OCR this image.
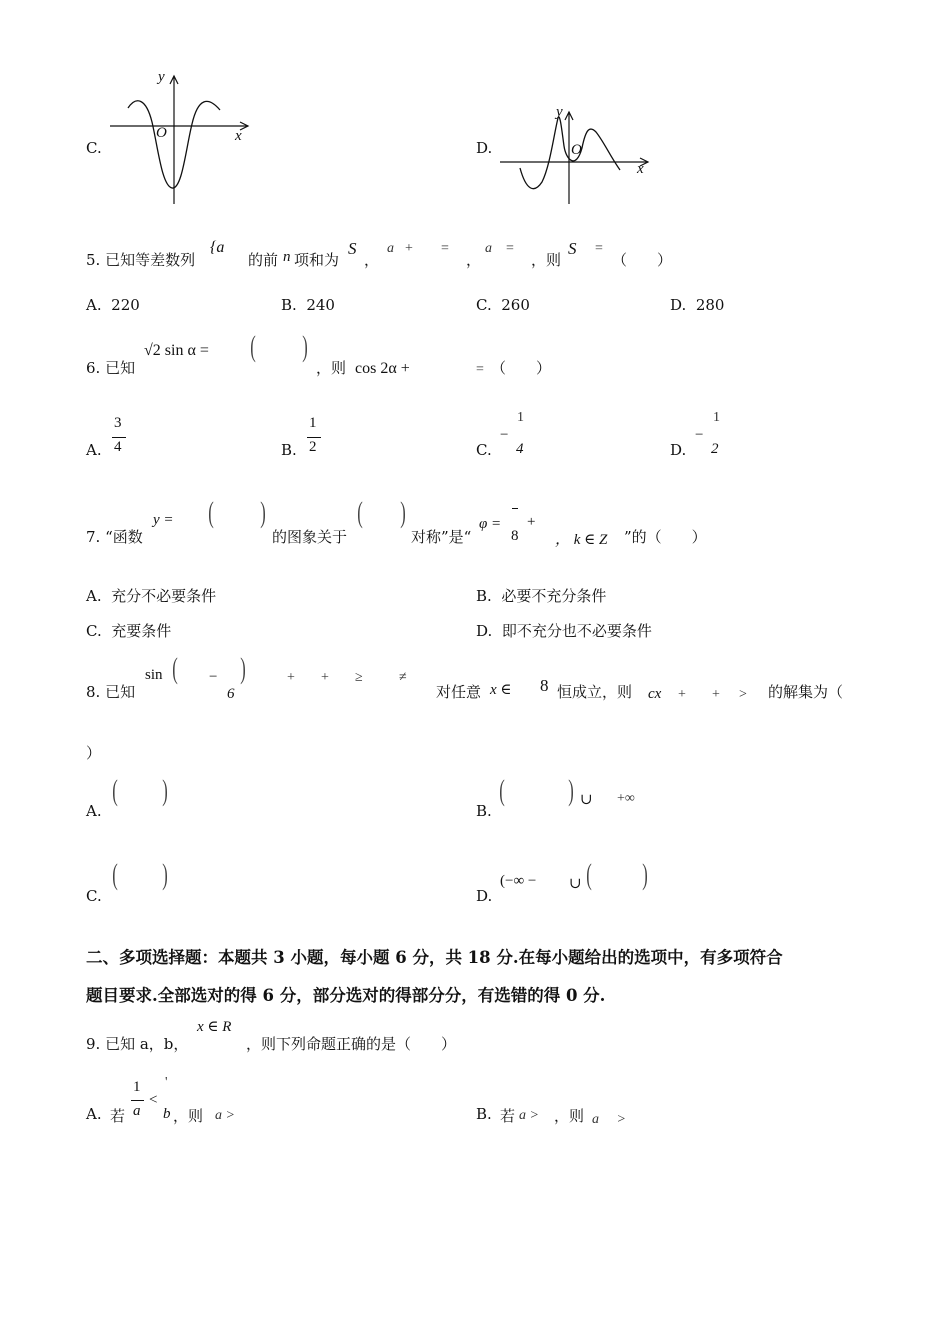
C.
y
x
O
D.
y
x
O
5. 已知等差数列
{a
的前 n 项和为
S
，
a + =
，
a =
，则
S =
（　　）
A. 220	B. 240	C. 260	D. 280
6. 已知
√2 sin α = ( )
，则 cos 2α +	= （　　）
A.
3
4	B.
1
2	C.
−
1
4	D.
−
1
2
7. “函数
y = ( )
的图象关于
( )
对称”是“
φ =
8
+
， k ∈ Z ”的（　　）
A. 充分不必要条件	B. 必要不充分条件
C. 充要条件	D. 即不充分也不必要条件
8. 已知
sin ( −
6
)	+ + ≥	≠
对任意 x ∈ 8 恒成立，则 cx + + > 的解集为（
）
A.
( )
B.
( ) ∪ +∞
C.
( )
D.
(−∞ − ∪ ( )
二、多项选择题：本题共 3 小题，每小题 6 分，共 18 分.在每小题给出的选项中，有多项符合
题目要求.全部选对的得 6 分，部分选对的得部分分，有选错的得 0 分.
9. 已知 a，b，
x ∈ R
，则下列命题正确的是（　　）
A. 若
1
a
<
'
b ，则 a >	B. 若 a > ，则 a　 >
